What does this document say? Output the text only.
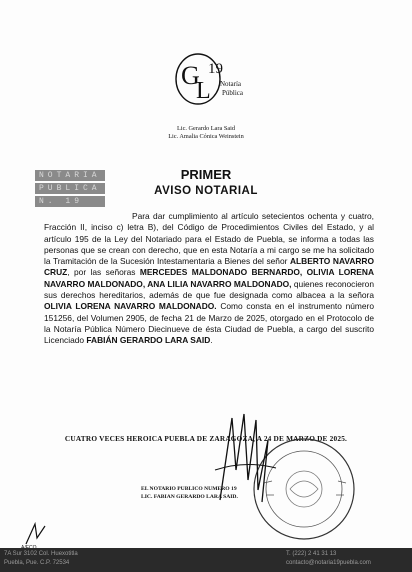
G
L
19
Notaría
Pública
Lic. Gerardo Lara Said
Lic. Amalia Cónica Weinstein
NOTARIA
PUBLICA
N. 19
PRIMER
AVISO NOTARIAL
Para dar cumplimiento al artículo setecientos ochenta y cuatro, Fracción II, inciso c) letra B), del Código de Procedimientos Civiles del Estado, y al artículo 195 de la Ley del Notariado para el Estado de Puebla, se informa a todas las personas que se crean con derecho, que en esta Notaría a mi cargo se me ha solicitado la Tramitación de la Sucesión Intestamentaria a Bienes del señor ALBERTO NAVARRO CRUZ, por las señoras MERCEDES MALDONADO BERNARDO, OLIVIA LORENA NAVARRO MALDONADO, ANA LILIA NAVARRO MALDONADO, quienes reconocieron sus derechos hereditarios, además de que fue designada como albacea a la señora OLIVIA LORENA NAVARRO MALDONADO. Como consta en el instrumento número 151256, del Volumen 2905, de fecha 21 de Marzo de 2025, otorgado en el Protocolo de la Notaría Pública Número Diecinueve de ésta Ciudad de Puebla, a cargo del suscrito Licenciado FABIÁN GERARDO LARA SAID.
CUATRO VECES HEROICA PUEBLA DE ZARAGOZA, A 24 DE MARZO DE 2025.
EL NOTARIO PUBLICO NUMERO 19
LIC. FABIAN GERARDO LARA SAID.
7A Sur 3102 Col. Huexotitla
Puebla, Pue. C.P. 72534
T. (222) 2 41 31 13
contacto@notaria19puebla.com
